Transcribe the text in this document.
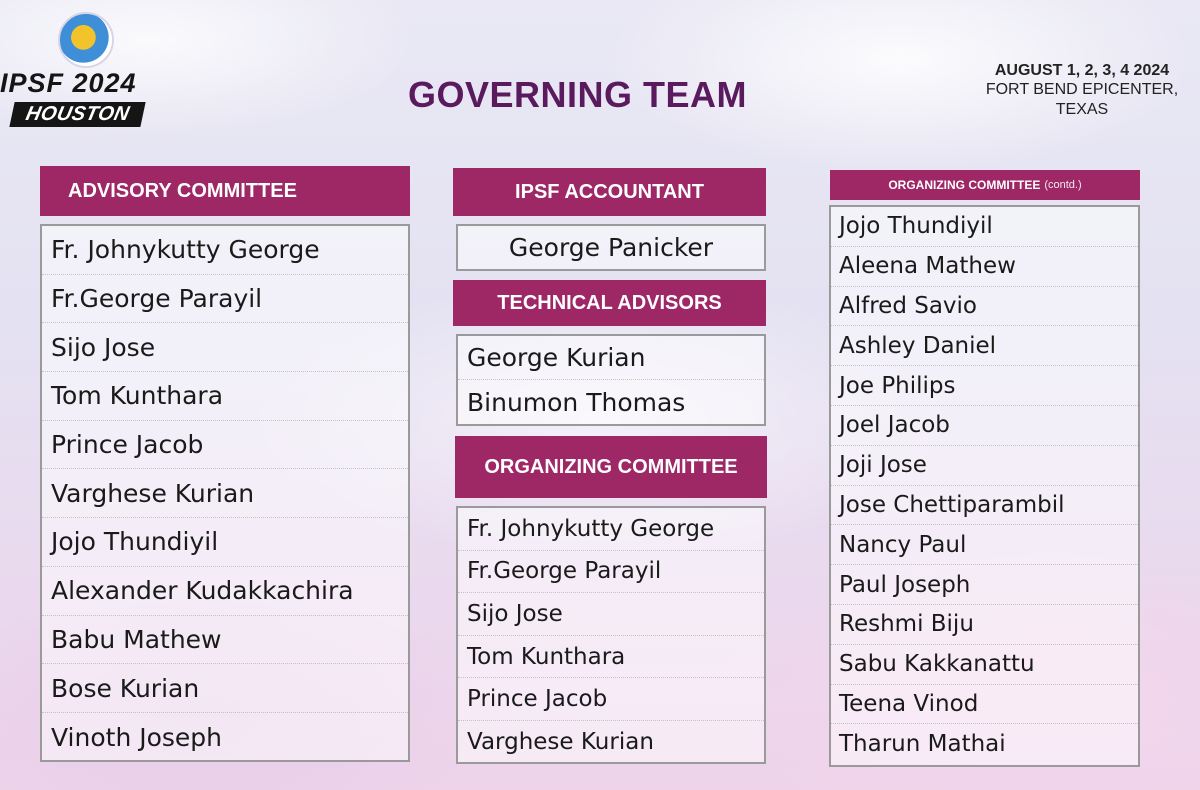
IPSF 2024
HOUSTON	GOVERNING TEAM
AUGUST 1, 2, 3, 4 2024
FORT BEND EPICENTER, TEXAS
ADVISORY COMMITTEE
Fr. Johnykutty George
Fr.George Parayil
Sijo Jose
Tom Kunthara
Prince Jacob
Varghese Kurian
Jojo Thundiyil
Alexander Kudakkachira
Babu Mathew
Bose Kurian
Vinoth Joseph
IPSF ACCOUNTANT
George Panicker
TECHNICAL ADVISORS
George Kurian
Binumon Thomas
ORGANIZING COMMITTEE
Fr. Johnykutty George
Fr.George Parayil
Sijo Jose
Tom Kunthara
Prince Jacob
Varghese Kurian
ORGANIZING COMMITTEE (contd.)
Jojo Thundiyil
Aleena Mathew
Alfred Savio
Ashley Daniel
Joe Philips
Joel Jacob
Joji Jose
Jose Chettiparambil
Nancy Paul
Paul Joseph
Reshmi Biju
Sabu Kakkanattu
Teena Vinod
Tharun Mathai
